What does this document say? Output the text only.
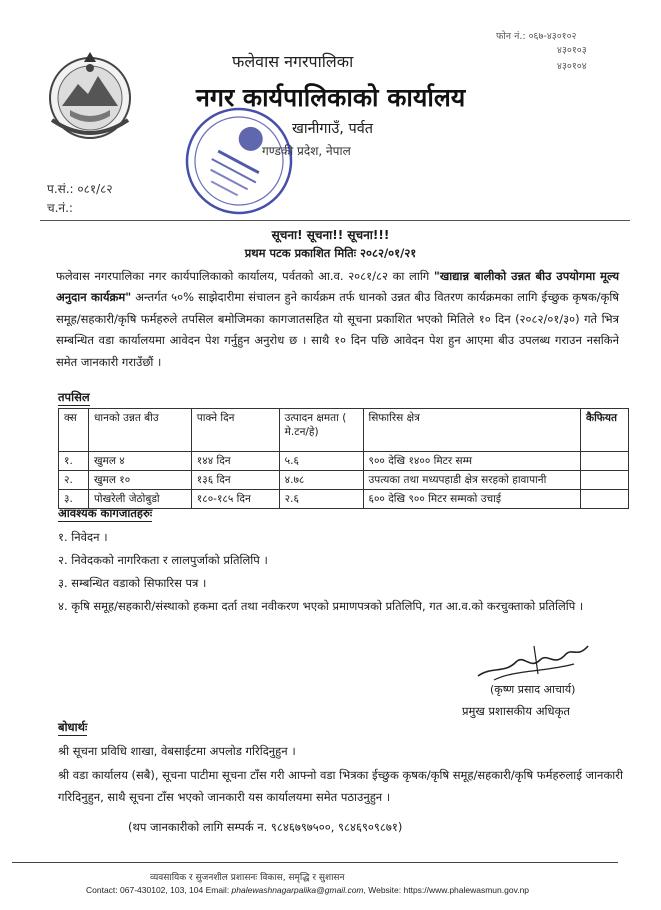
फोन नं.: ०६७-४३०१०२
४३०१०३
४३०१०४
फलेवास नगरपालिका
नगर कार्यपालिकाको कार्यालय
खानीगाउँ, पर्वत
गण्डकी प्रदेश, नेपाल
प.सं.: ०८१/८२
च.नं.:
सूचना! सूचना!! सूचना!!!
प्रथम पटक प्रकाशित मितिः २०८२/०१/२१
फलेवास नगरपालिका नगर कार्यपालिकाको कार्यालय, पर्वतको आ.व. २०८१/८२ का लागि "खाद्यान्न बालीको उन्नत बीउ उपयोगमा मूल्य अनुदान कार्यक्रम" अन्तर्गत ५०% साझेदारीमा संचालन हुने कार्यक्रम तर्फ धानको उन्नत बीउ वितरण कार्यक्रमका लागि ईच्छुक कृषक/कृषि समूह/सहकारी/कृषि फर्महरुले तपसिल बमोजिमका कागजातसहित यो सूचना प्रकाशित भएको मितिले १० दिन (२०८२/०१/३०) गते भित्र सम्बन्धित वडा कार्यालयमा आवेदन पेश गर्नुहुन अनुरोध छ । साथै १० दिन पछि आवेदन पेश हुन आएमा बीउ उपलब्ध गराउन नसकिने समेत जानकारी गराउँछौं ।
तपसिल
क्स	धानको उन्नत बीउ	पाक्ने दिन	उत्पादन क्षमता ( मे.टन/हे)	सिफारिस क्षेत्र	कैफियत
१.	खुमल ४	१४४ दिन	५.६	९०० देखि १४०० मिटर सम्म	
२.	खुमल १०	१३६ दिन	४.७८	उपत्यका तथा मध्यपहाडी क्षेत्र सरहको हावापानी	
३.	पोखरेली जेठोबुडो	१८०-१८५ दिन	२.६	६०० देखि ९०० मिटर सम्मको उचाई	
आवश्यक कागजातहरुः
१. निवेदन ।
२. निवेदकको नागरिकता र लालपुर्जाको प्रतिलिपि ।
३. सम्बन्धित वडाको सिफारिस पत्र ।
४. कृषि समूह/सहकारी/संस्थाको हकमा दर्ता तथा नवीकरण भएको प्रमाणपत्रको प्रतिलिपि, गत आ.व.को करचुक्ताको प्रतिलिपि ।
(कृष्ण प्रसाद आचार्य)
प्रमुख प्रशासकीय अधिकृत
बोधार्थः
श्री सूचना प्रविधि शाखा, वेबसाईटमा अपलोड गरिदिनुहुन ।
श्री वडा कार्यालय (सबै), सूचना पाटीमा सूचना टाँस गरी आफ्नो वडा भित्रका ईच्छुक कृषक/कृषि समूह/सहकारी/कृषि फर्महरुलाई जानकारी गरिदिनुहुन, साथै सूचना टाँस भएको जानकारी यस कार्यालयमा समेत पठाउनुहुन ।
(थप जानकारीको लागि सम्पर्क न. ९८४६७९७५००, ९८४६९०९८७१)
व्यवसायिक र सुजनशील प्रशासनः विकास, समृद्धि र सुशासन
Contact: 067-430102, 103, 104 Email: phalewashnagarpalika@gmail.com, Website: https://www.phalewasmun.gov.np
